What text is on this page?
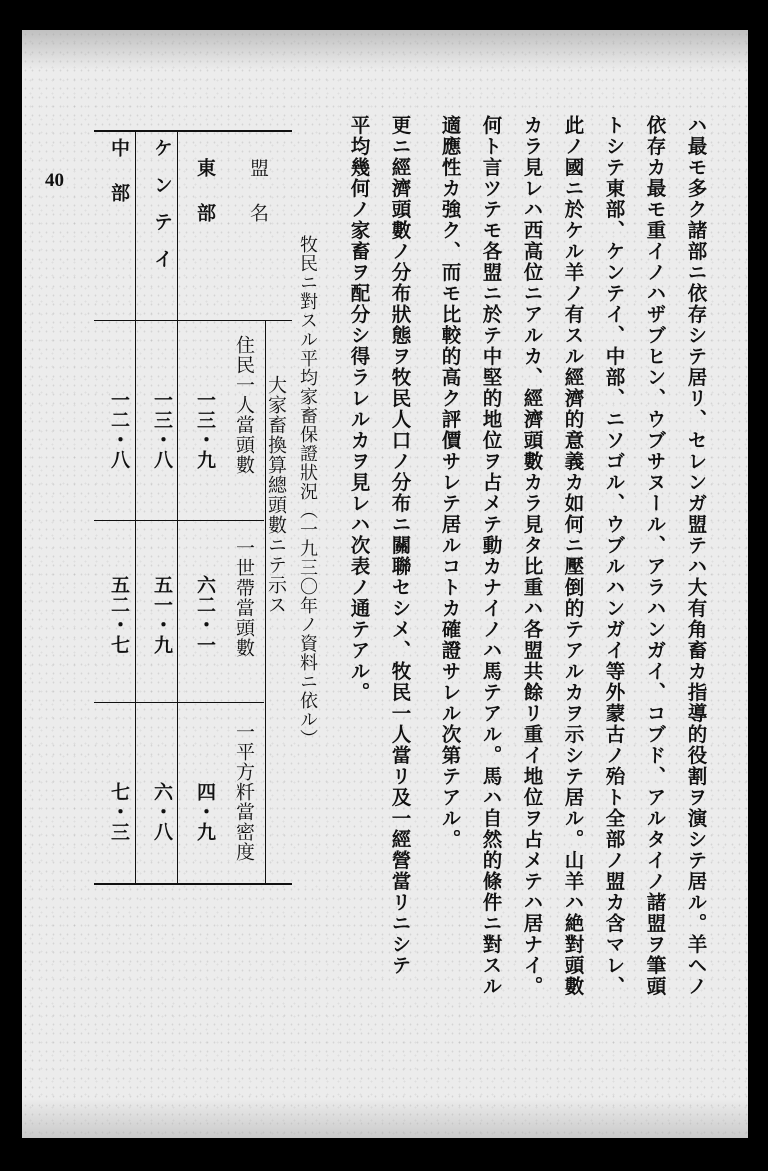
40	ハ最モ多ク諸部ニ依存シテ居リ、セレンガ盟テハ大有角畜カ指導的役割ヲ演シテ居ル。羊ヘノ
依存カ最モ重イノハザブヒン、ウブサヌール、アラハンガイ、コブド、アルタイノ諸盟ヲ筆頭
トシテ東部、ケンテイ、中部、ニソゴル、ウブルハンガイ等外蒙古ノ殆ト全部ノ盟カ含マレ、
此ノ國ニ於ケル羊ノ有スル經濟的意義カ如何ニ壓倒的テアルカヲ示シテ居ル。山羊ハ絶對頭數
カラ見レハ西高位ニアルカ、經濟頭數カラ見タ比重ハ各盟共餘リ重イ地位ヲ占メテハ居ナイ。
何ト言ツテモ各盟ニ於テ中堅的地位ヲ占メテ動カナイノハ馬テアル。馬ハ自然的條件ニ對スル
適應性カ強ク、而モ比較的高ク評價サレテ居ルコトカ確證サレル次第テアル。
更ニ經濟頭數ノ分布狀態ヲ牧民人口ノ分布ニ關聯セシメ、牧民一人當リ及一經營當リニシテ
平均幾何ノ家畜ヲ配分シ得ラレルカヲ見レハ次表ノ通テアル。
牧民ニ對スル平均家畜保證狀況（一九三〇年ノ資料ニ依ル）
大家畜換算總頭數ニテ示ス
盟名
住民一人當頭數
一世帶當頭數
一平方粁當密度
東部
一三・九
六二・一
四・九
ケンテイ
一三・八
五一・九
六・八
中部
一二・八
五二・七
七・三
